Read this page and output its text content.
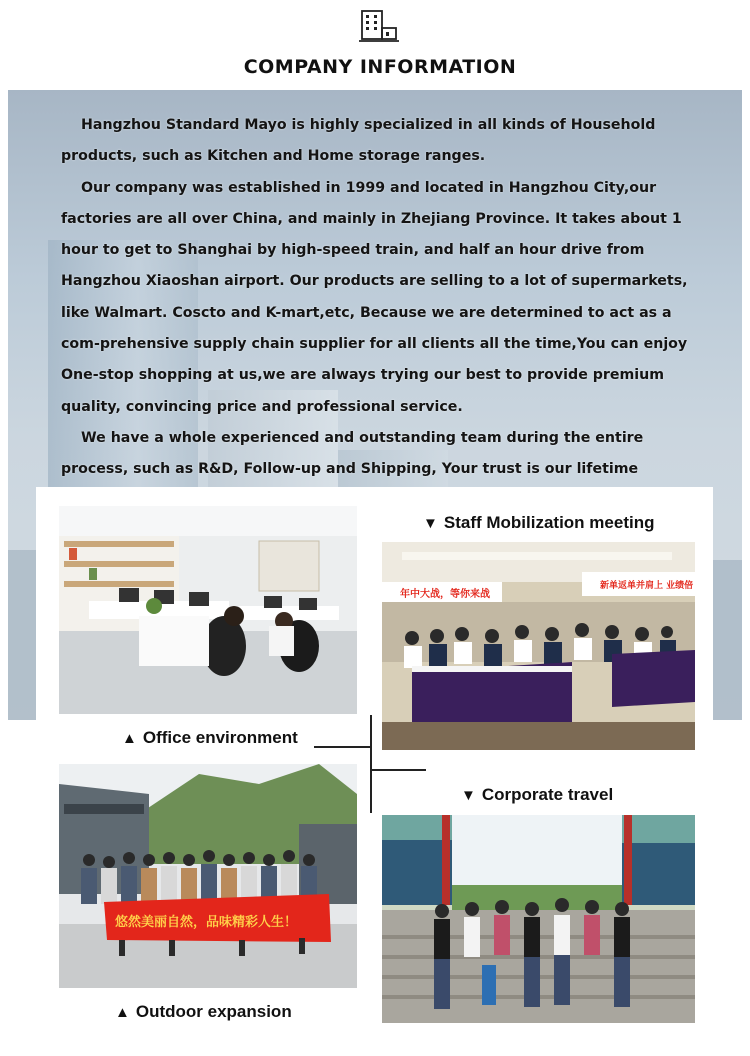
COMPANY INFORMATION

Hangzhou Standard Mayo is highly specialized in all kinds of Household products, such as Kitchen and Home storage ranges.

Our company was established in 1999 and located in Hangzhou City,our factories are all over China, and mainly in Zhejiang Province. It takes about 1 hour to get to Shanghai by high-speed train, and half an hour drive from Hangzhou Xiaoshan airport. Our products are selling to a lot of supermarkets, like Walmart. Coscto and K-mart,etc, Because we are determined to act as a com-prehensive supply chain supplier for all clients all the time,You can enjoy One-stop shopping at us,we are always trying our best to provide premium quality, convincing price and professional service.

We have a whole experienced and outstanding team during the entire process, such as R&D, Follow-up and Shipping, Your trust is our lifetime

▲ Office environment
▼ Staff Mobilization meeting
年中大战，等你来战
新单返单并肩上 业绩倍
▼ Corporate travel
悠然美丽自然，品味精彩人生！
▲ Outdoor expansion
